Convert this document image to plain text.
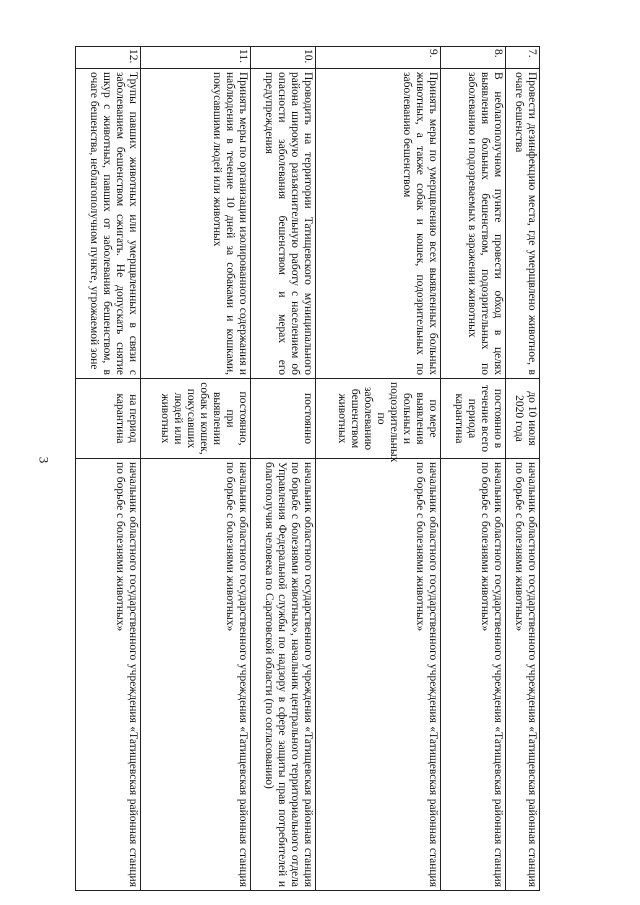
3
7.	Провести дезинфекцию места, где умерщвлено животное, в очаге бешенства	до 10 июля 2020 года	начальник областного государственного учреждения «Татищевская районная станция по борьбе с болезнями животных»
8.	В неблагополучном пункте провести обход в целях выявления больных бешенством, подозрительных по заболеванию и подозреваемых в заражении животных	постоянно в течение всего периода карантина	начальник областного государственного учреждения «Татищевская районная станция по борьбе с болезнями животных»
9.	Принять меры по умерщвлению всех выявленных больных животных, а также собак и кошек, подозрительных по заболеванию бешенством	по мере выявления больных и подозрительных по заболеванию бешенством животных	начальник областного государственного учреждения «Татищевская районная станция по борьбе с болезнями животных»
10.	Проводить на территории Татищевского муниципального района широкую разъяснительную работу с населением об опасности заболевания бешенством и мерах его предупреждения	постоянно	начальник областного государственного учреждения «Татищевская районная станция по борьбе с болезнями животных», начальник центрального территориального отдела Управления Федеральной службы по надзору в сфере защиты прав потребителей и благополучия человека по Саратовской области (по согласованию)
11.	Принять меры по организации изолированного содержания и наблюдения в течение 10 дней за собаками и кошками, покусавшими людей или животных	постоянно, при выявлении собак и кошек, покусавших людей или животных	начальник областного государственного учреждения «Татищевская районная станция по борьбе с болезнями животных»
12.	Трупы павших животных или умерщвленных в связи с заболеванием бешенством сжигать. Не допускать снятие шкур с животных, павших от заболевания бешенством, в очаге бешенства, неблагополучном пункте, угрожаемой зоне	на период карантина	начальник областного государственного учреждения «Татищевская районная станция по борьбе с болезнями животных»
